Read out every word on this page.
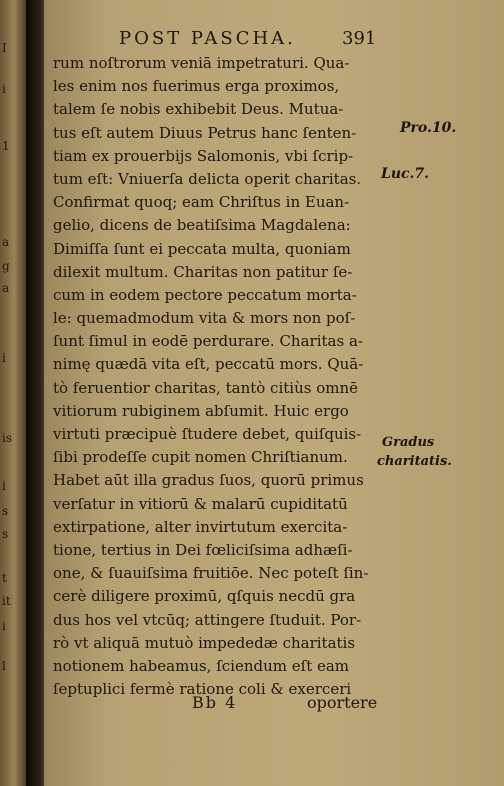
I
i
1
a
g
a
i
is
i
s
s
t
it
i
l
POST PASCHA.	391
rum noſtrorum veniā impetraturi. Qua-
les enim nos fuerimus erga proximos,
talem ſe nobis exhibebit Deus. Mutua-
tus eſt autem Diuus Petrus hanc ſenten-
tiam ex prouerbijs Salomonis, vbi ſcrip-
tum eſt: Vniuerſa delicta operit charitas.
Confirmat quoq; eam Chriſtus in Euan-
gelio, dicens de beatiſsima Magdalena:
Dimiſſa ſunt ei peccata multa, quoniam
dilexit multum. Charitas non patitur ſe-
cum in eodem pectore peccatum morta-
le: quemadmodum vita & mors non poſ-
ſunt ſimul in eodē perdurare. Charitas a-
nimę quædā vita eſt, peccatū mors. Quā-
tò feruentior charitas, tantò citiùs omnē
vitiorum rubiginem abſumit. Huic ergo
virtuti præcipuè ſtudere debet, quiſquis-
ſibi prodeſſe cupit nomen Chriſtianum.
Habet aūt illa gradus ſuos, quorū primus
verſatur in vitiorū & malarū cupiditatū
extirpatione, alter invirtutum exercita-
tione, tertius in Dei fœliciſsima adhæſi-
one, & ſuauiſsima fruitiōe. Nec poteſt ſin-
cerè diligere proximū, qſquis necdū gra
dus hos vel vtcūq; attingere ſtuduit. Por-
rò vt aliquā mutuò impededæ charitatis
notionem habeamus, ſciendum eſt eam
ſeptuplici fermè ratione coli & exerceri
Pro.10.
Luc.7.
Gradus
charitatis.
Bb 4	oportere
